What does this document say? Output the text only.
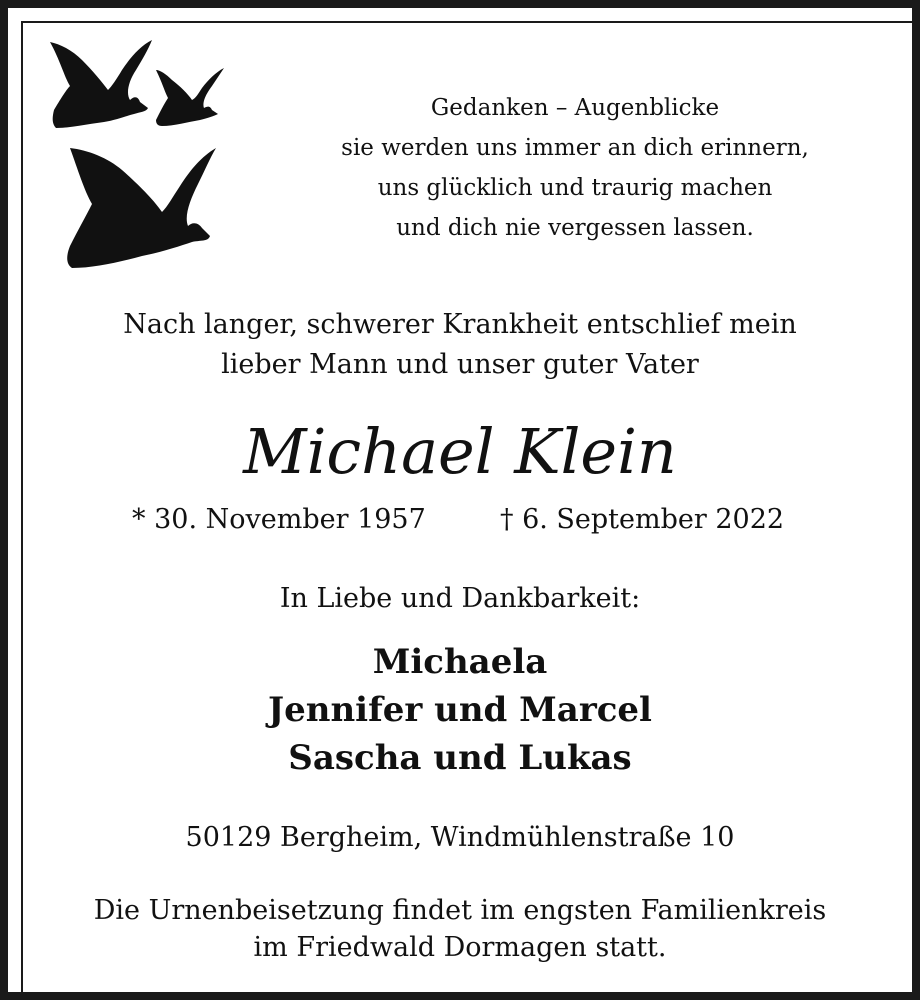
Gedanken – Augenblicke
sie werden uns immer an dich erinnern,
uns glücklich und traurig machen
und dich nie vergessen lassen.
Nach langer, schwerer Krankheit entschlief mein
lieber Mann und unser guter Vater
Michael Klein
* 30. November 1957	† 6. September 2022
In Liebe und Dankbarkeit:
Michaela
Jennifer und Marcel
Sascha und Lukas
50129 Bergheim, Windmühlenstraße 10
Die Urnenbeisetzung findet im engsten Familienkreis
im Friedwald Dormagen statt.
